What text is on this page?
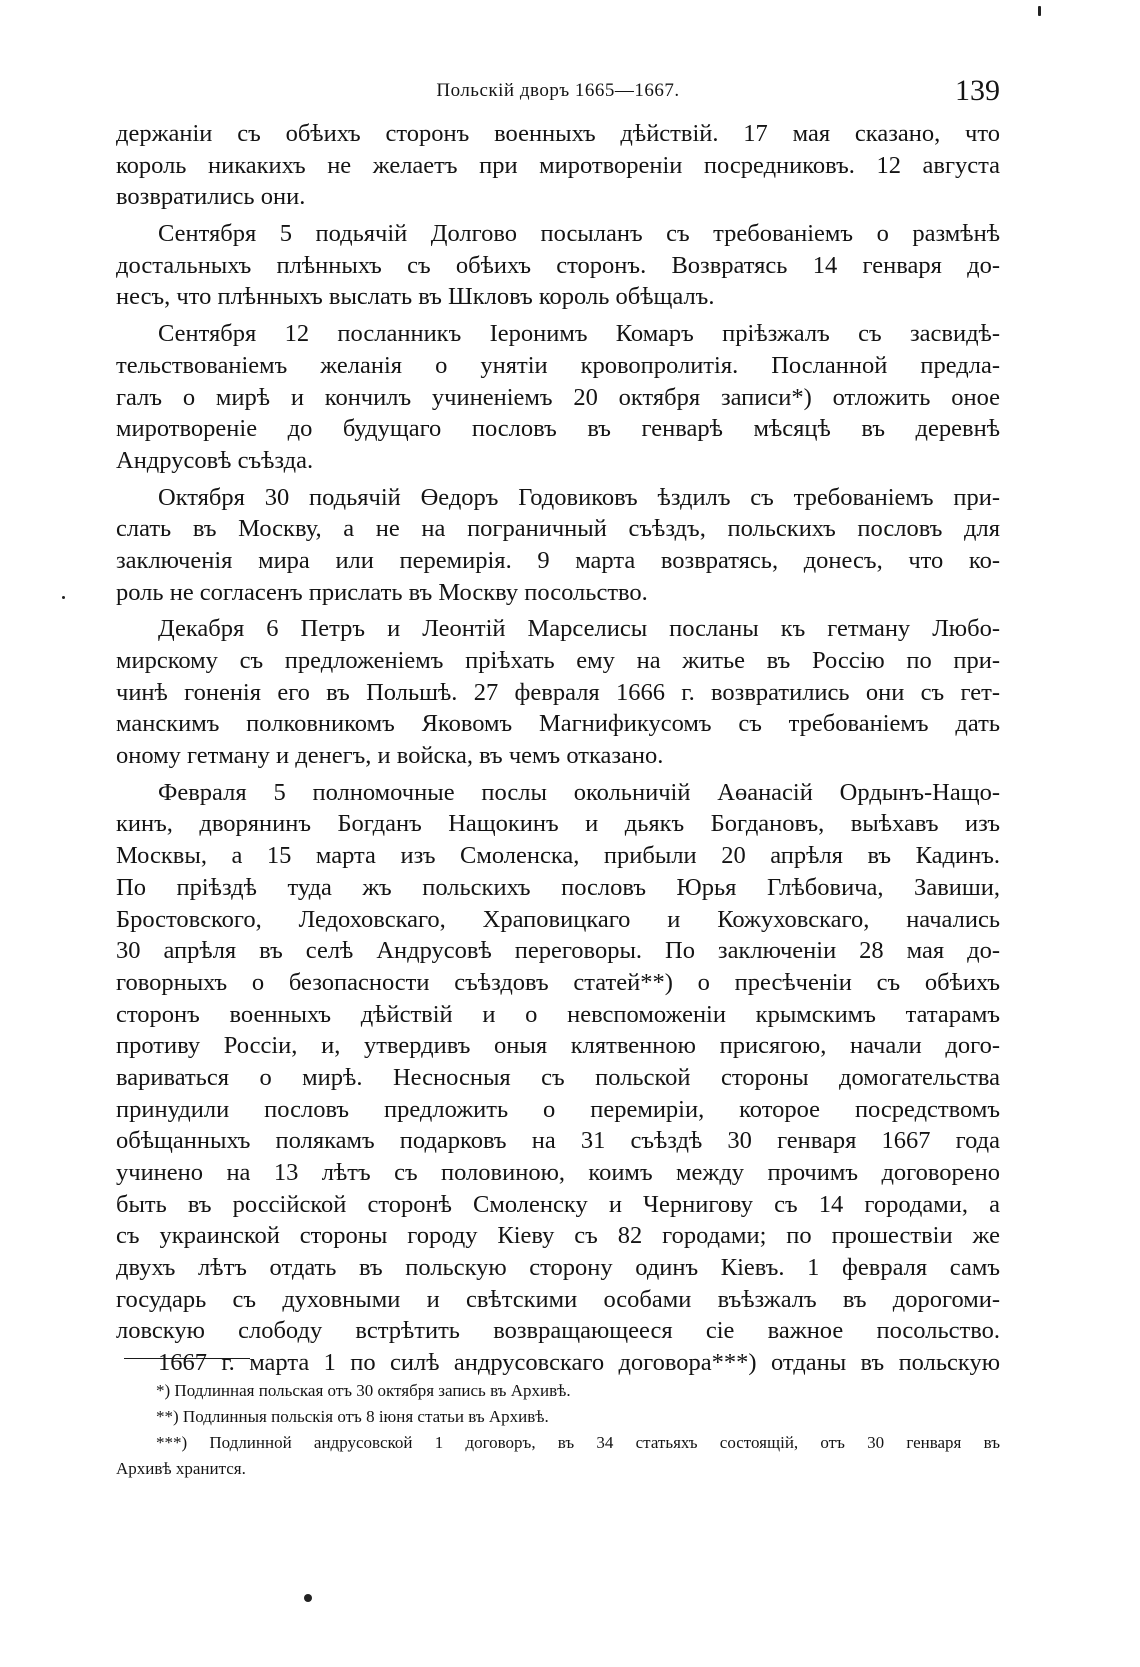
Польскій дворъ 1665—1667.	139
держанiи съ обѣихъ сторонъ военныхъ дѣйствiй. 17 мая сказано, что
король никакихъ не желаетъ при миротворенiи посредниковъ. 12 августа
возвратились они.
Сентября 5 подьячiй Долгово посыланъ съ требованiемъ о размѣнѣ
достальныхъ плѣнныхъ съ обѣихъ сторонъ. Возвратясь 14 генваря до-
несъ, что плѣнныхъ выслать въ Шкловъ король обѣщалъ.
Сентября 12 посланникъ Iеронимъ Комаръ прiѣзжалъ съ засвидѣ-
тельствованiемъ желанiя о унятiи кровопролитiя. Посланной предла-
галъ о мирѣ и кончилъ учиненiемъ 20 октября записи*) отложить оное
миротворенiе до будущаго пословъ въ генварѣ мѣсяцѣ въ деревнѣ
Андрусовѣ съѣзда.
Октября 30 подьячiй Өедоръ Годовиковъ ѣздилъ съ требованiемъ при-
слать въ Москву, а не на пограничный съѣздъ, польскихъ пословъ для
заключенiя мира или перемирiя. 9 марта возвратясь, донесъ, что ко-
роль не согласенъ прислать въ Москву посольство.
Декабря 6 Петръ и Леонтiй Марселисы посланы къ гетману Любо-
мирскому съ предложенiемъ прiѣхать ему на житье въ Россiю по при-
чинѣ гоненiя его въ Польшѣ. 27 февраля 1666 г. возвратились они съ гет-
манскимъ полковникомъ Яковомъ Магнификусомъ съ требованiемъ дать
оному гетману и денегъ, и войска, въ чемъ отказано.
Февраля 5 полномочные послы окольничiй Аөанасiй Ордынъ-Нащо-
кинъ, дворянинъ Богданъ Нащокинъ и дьякъ Богдановъ, выѣхавъ изъ
Москвы, а 15 марта изъ Смоленска, прибыли 20 апрѣля въ Кадинъ.
По прiѣздѣ туда жъ польскихъ пословъ Юрья Глѣбовича, Завиши,
Бростовского, Ледоховскаго, Храповицкаго и Кожуховскаго, начались
30 апрѣля въ селѣ Андрусовѣ переговоры. По заключенiи 28 мая до-
говорныхъ о безопасности съѣздовъ статей**) о пресѣченiи съ обѣихъ
сторонъ военныхъ дѣйствiй и о невспоможенiи крымскимъ татарамъ
противу Россiи, и, утвердивъ оныя клятвенною присягою, начали дого-
вариваться о мирѣ. Несносныя съ польской стороны домогательства
принудили пословъ предложить о перемирiи, которое посредствомъ
обѣщанныхъ полякамъ подарковъ на 31 съѣздѣ 30 генваря 1667 года
учинено на 13 лѣтъ съ половиною, коимъ между прочимъ договорено
быть въ россiйской сторонѣ Смоленску и Чернигову съ 14 городами, а
съ украинской стороны городу Кiеву съ 82 городами; по прошествiи же
двухъ лѣтъ отдать въ польскую сторону одинъ Кiевъ. 1 февраля самъ
государь съ духовными и свѣтскими особами въѣзжалъ въ дорогоми-
ловскую слободу встрѣтить возвращающееся сiе важное посольство.
1667 г. марта 1 по силѣ андрусовскаго договора***) отданы въ польскую
*) Подлинная польская отъ 30 октября запись въ Архивѣ.
**) Подлинныя польскiя отъ 8 iюня статьи въ Архивѣ.
***) Подлинной андрусовской 1 договоръ, въ 34 статьяхъ состоящiй, отъ 30 генваря въ
Архивѣ хранится.
